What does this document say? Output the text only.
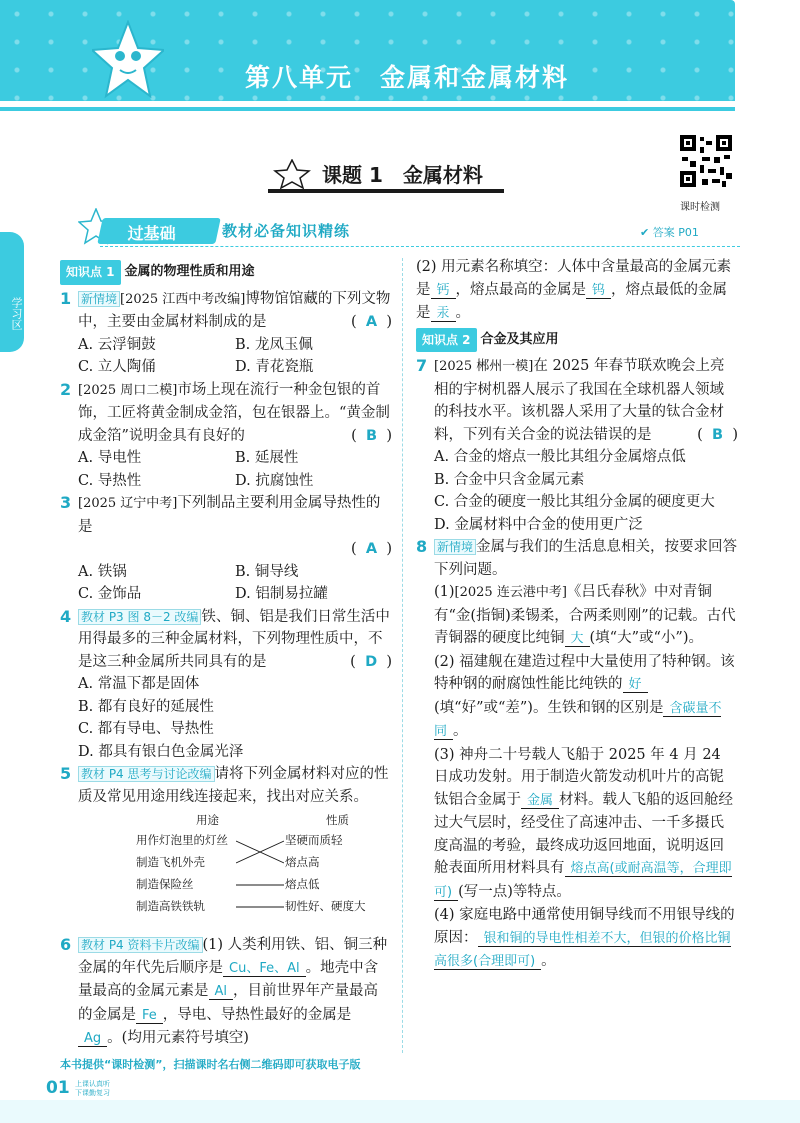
第八单元　金属和金属材料
学习区
课题 1　金属材料
课时检测
过基础	教材必备知识精练	✔ 答案 P01
知识点 1 金属的物理性质和用途
1 新情境 [2025 江西中考改编]博物馆馆藏的下列文物中，主要由金属材料制成的是	(  A  )
A. 云浮铜鼓	B. 龙凤玉佩
C. 立人陶俑	D. 青花瓷瓶
2 [2025 周口二模]市场上现在流行一种金包银的首饰，工匠将黄金制成金箔，包在银器上。“黄金制成金箔”说明金具有良好的	(  B  )
A. 导电性	B. 延展性
C. 导热性	D. 抗腐蚀性
3 [2025 辽宁中考]下列制品主要利用金属导热性的是
(  A  )
A. 铁锅	B. 铜导线
C. 金饰品	D. 铝制易拉罐
4 教材 P3 图 8－2 改编 铁、铜、铝是我们日常生活中用得最多的三种金属材料，下列物理性质中，不是这三种金属所共同具有的是	(  D  )
A. 常温下都是固体
B. 都有良好的延展性
C. 都有导电、导热性
D. 都具有银白色金属光泽
5 教材 P4 思考与讨论改编 请将下列金属材料对应的性质及常见用途用线连接起来，找出对应关系。
用途	性质
用作灯泡里的灯丝
制造飞机外壳
制造保险丝
制造高铁铁轨
坚硬而质轻
熔点高
熔点低
韧性好、硬度大
6 教材 P4 资料卡片改编 (1) 人类利用铁、铝、铜三种金属的年代先后顺序是 Cu、Fe、Al 。地壳中含量最高的金属元素是 Al ，目前世界年产量最高的金属是 Fe ，导电、导热性最好的金属是Ag 。(均用元素符号填空)
(2) 用元素名称填空：人体中含量最高的金属元素是 钙 ，熔点最高的金属是 钨 ，熔点最低的金属是 汞 。
知识点 2 合金及其应用
7 [2025 郴州一模]在 2025 年春节联欢晚会上亮相的宇树机器人展示了我国在全球机器人领域的科技水平。该机器人采用了大量的钛合金材料，下列有关合金的说法错误的是	(  B  )
A. 合金的熔点一般比其组分金属熔点低
B. 合金中只含金属元素
C. 合金的硬度一般比其组分金属的硬度更大
D. 金属材料中合金的使用更广泛
8 新情境 金属与我们的生活息息相关，按要求回答下列问题。
(1)[2025 连云港中考]《吕氏春秋》中对青铜有“金(指铜)柔锡柔，合两柔则刚”的记载。古代青铜器的硬度比纯铜 大 (填“大”或“小”)。
(2) 福建舰在建造过程中大量使用了特种钢。该特种钢的耐腐蚀性能比纯铁的 好(填“好”或“差”)。生铁和钢的区别是 含碳量不同 。
(3) 神舟二十号载人飞船于 2025 年 4 月 24 日成功发射。用于制造火箭发动机叶片的高铌钛铝合金属于 金属 材料。载人飞船的返回舱经过大气层时，经受住了高速冲击、一千多摄氏度高温的考验，最终成功返回地面，说明返回舱表面所用材料具有 熔点高(或耐高温等，合理即可) (写一点)等特点。
(4) 家庭电路中通常使用铜导线而不用银导线的原因： 银和铜的导电性相差不大，但银的价格比铜高很多(合理即可) 。
本书提供“课时检测”，扫描课时名右侧二维码即可获取电子版
01 上课认真听 下课勤复习
